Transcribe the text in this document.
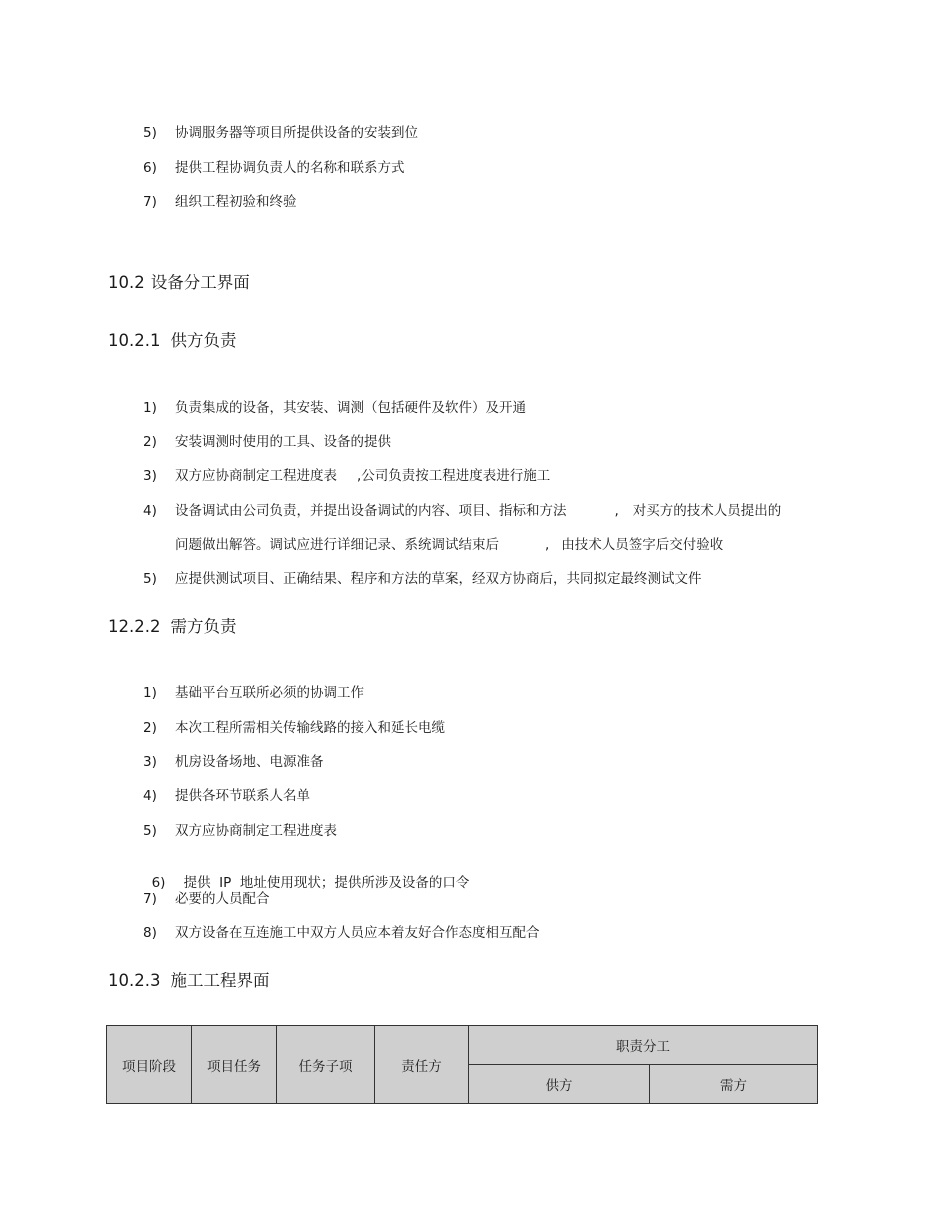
5) 协调服务器等项目所提供设备的安装到位
6) 提供工程协调负责人的名称和联系方式
7) 组织工程初验和终验
10.2 设备分工界面
10.2.1 供方负责
1) 负责集成的设备，其安装、调测（包括硬件及软件）及开通
2) 安装调测时使用的工具、设备的提供
3) 双方应协商制定工程进度表 ,公司负责按工程进度表进行施工
4) 设备调试由公司负责，并提出设备调试的内容、项目、指标和方法	, 对买方的技术人员提出的
问题做出解答。调试应进行详细记录、系统调试结束后	, 由技术人员签字后交付验收
5) 应提供测试项目、正确结果、程序和方法的草案，经双方协商后，共同拟定最终测试文件
12.2.2 需方负责
1) 基础平台互联所必须的协调工作
2) 本次工程所需相关传输线路的接入和延长电缆
3) 机房设备场地、电源准备
4) 提供各环节联系人名单
5) 双方应协商制定工程进度表

6) 提供  IP  地址使用现状；提供所涉及设备的口令

7) 必要的人员配合
8) 双方设备在互连施工中双方人员应本着友好合作态度相互配合
10.2.3 施工工程界面
项目阶段	项目任务	任务子项	责任方	职责分工	
				供方	需方
